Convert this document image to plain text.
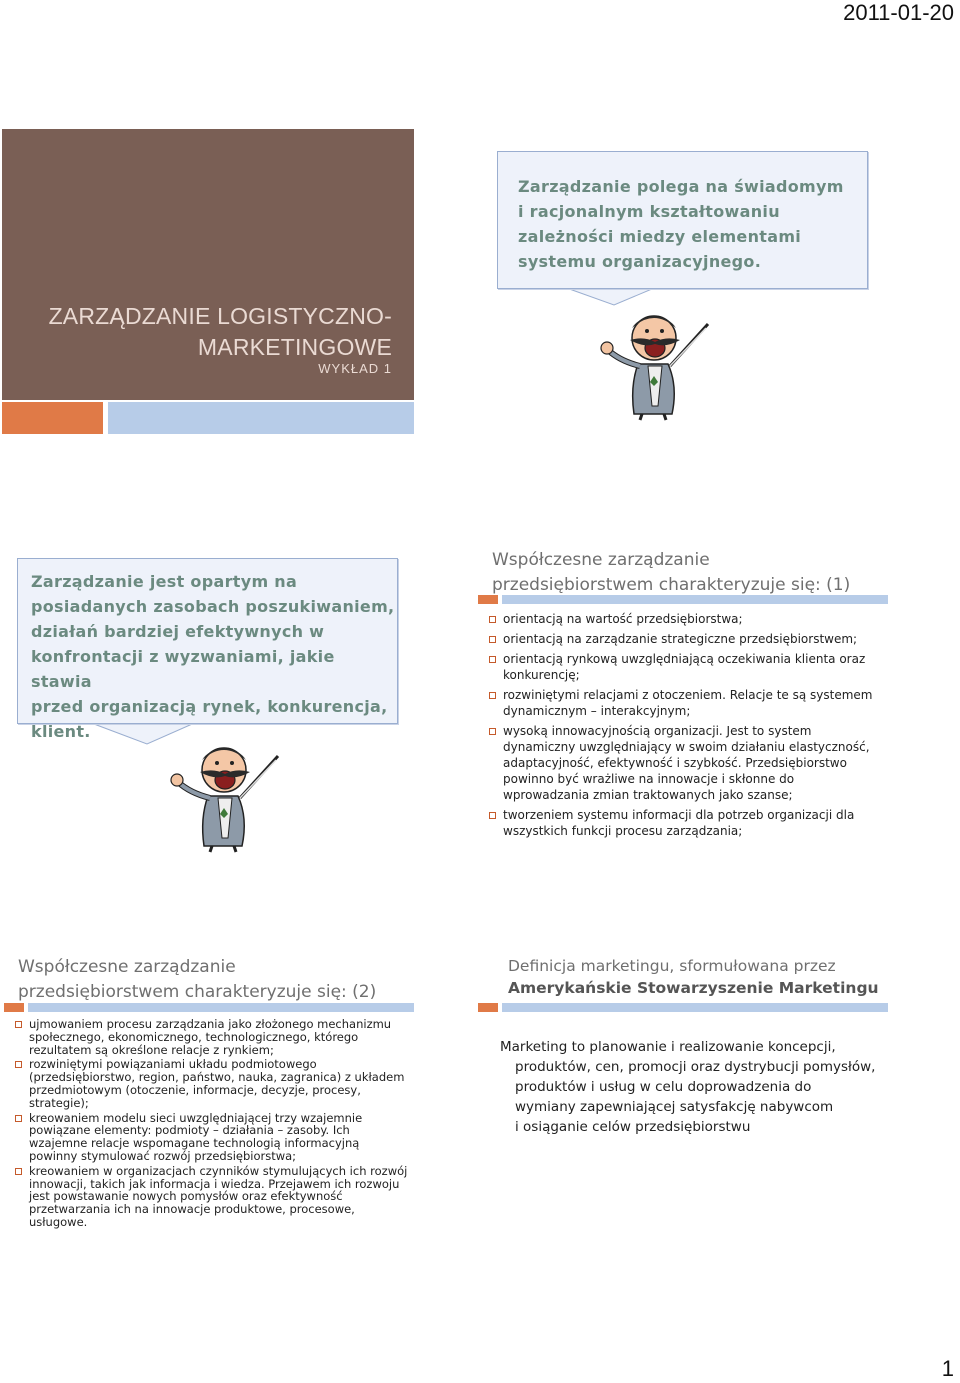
2011-01-20
1
ZARZĄDZANIE LOGISTYCZNO-
MARKETINGOWE
WYKŁAD 1
Zarządzanie polega na świadomym
i racjonalnym kształtowaniu
zależności miedzy elementami
systemu organizacyjnego.
Zarządzanie jest opartym na
posiadanych zasobach poszukiwaniem,
działań bardziej efektywnych w
konfrontacji z wyzwaniami, jakie stawia
przed organizacją rynek, konkurencja,
klient.
Współczesne zarządzanie
przedsiębiorstwem charakteryzuje się: (1)
orientacją na wartość przedsiębiorstwa;
orientacją na zarządzanie strategiczne przedsiębiorstwem;
orientacją rynkową uwzględniającą oczekiwania klienta oraz konkurencję;
rozwiniętymi relacjami z otoczeniem. Relacje te są systemem dynamicznym – interakcyjnym;
wysoką innowacyjnością organizacji. Jest to system dynamiczny uwzględniający w swoim działaniu elastyczność, adaptacyjność, efektywność i szybkość. Przedsiębiorstwo powinno być wrażliwe na innowacje i skłonne do wprowadzania zmian traktowanych jako szanse;
tworzeniem systemu informacji dla potrzeb organizacji dla wszystkich funkcji procesu zarządzania;
Współczesne zarządzanie
przedsiębiorstwem charakteryzuje się: (2)
ujmowaniem procesu zarządzania jako złożonego mechanizmu społecznego, ekonomicznego, technologicznego, którego rezultatem są określone relacje z rynkiem;
rozwiniętymi powiązaniami układu podmiotowego (przedsiębiorstwo, region, państwo, nauka, zagranica) z układem przedmiotowym (otoczenie, informacje, decyzje, procesy, strategie);
kreowaniem modelu sieci uwzględniającej trzy wzajemnie powiązane elementy: podmioty – działania – zasoby. Ich wzajemne relacje wspomagane technologią informacyjną powinny stymulować rozwój przedsiębiorstwa;
kreowaniem w organizacjach czynników stymulujących ich rozwój innowacji, takich jak informacja i wiedza. Przejawem ich rozwoju jest powstawanie nowych pomysłów oraz efektywność przetwarzania ich na innowacje produktowe, procesowe, usługowe.
Definicja marketingu, sformułowana przez
Amerykańskie Stowarzyszenie Marketingu
Marketing to planowanie i realizowanie koncepcji,
produktów, cen, promocji oraz dystrybucji pomysłów,
produktów i usług w celu doprowadzenia do
wymiany zapewniającej satysfakcję nabywcom
i osiąganie celów przedsiębiorstwu
